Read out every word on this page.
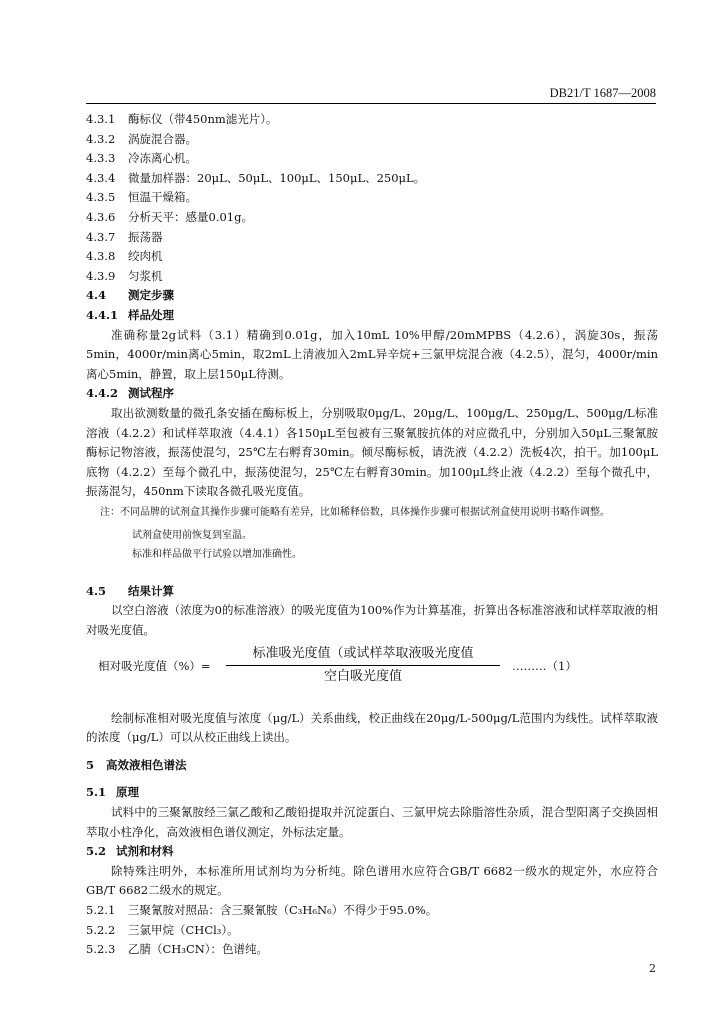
DB21/T 1687—2008
4.3.1 酶标仪（带450nm滤光片）。
4.3.2 涡旋混合器。
4.3.3 冷冻离心机。
4.3.4 微量加样器：20μL、50μL、100μL、150μL、250μL。
4.3.5 恒温干燥箱。
4.3.6 分析天平：感量0.01g。
4.3.7 振荡器
4.3.8 绞肉机
4.3.9 匀浆机
4.4 测定步骤
4.4.1 样品处理
准确称量2g试料（3.1）精确到0.01g，加入10mL 10%甲醇/20mMPBS（4.2.6），涡旋30s，振荡5min，4000r/min离心5min，取2mL上清液加入2mL异辛烷+三氯甲烷混合液（4.2.5），混匀，4000r/min离心5min，静置，取上层150μL待测。
4.4.2 测试程序
取出欲测数量的微孔条安插在酶标板上，分别吸取0μg/L、20μg/L、100μg/L、250μg/L、500μg/L标准溶液（4.2.2）和试样萃取液（4.4.1）各150μL至包被有三聚氰胺抗体的对应微孔中，分别加入50μL三聚氰胺酶标记物溶液，振荡使混匀，25℃左右孵育30min。倾尽酶标板，请洗液（4.2.2）洗板4次，拍干。加100μL底物（4.2.2）至每个微孔中，振荡使混匀，25℃左右孵育30min。加100μL终止液（4.2.2）至每个微孔中，振荡混匀，450nm下读取各微孔吸光度值。
注：不同品牌的试剂盒其操作步骤可能略有差异，比如稀释倍数，具体操作步骤可根据试剂盒使用说明书略作调整。
试剂盒使用前恢复到室温。
标准和样品做平行试验以增加准确性。
4.5 结果计算
以空白溶液（浓度为0的标准溶液）的吸光度值为100%作为计算基准，折算出各标准溶液和试样萃取液的相对吸光度值。
相对吸光度值（%）=
标准吸光度值（或试样萃取液吸光度值
空白吸光度值
………（1）
绘制标准相对吸光度值与浓度（μg/L）关系曲线，校正曲线在20μg/L-500μg/L范围内为线性。试样萃取液的浓度（μg/L）可以从校正曲线上读出。
5 高效液相色谱法
5.1 原理
试料中的三聚氰胺经三氯乙酸和乙酸铅提取并沉淀蛋白、三氯甲烷去除脂溶性杂质，混合型阳离子交换固相萃取小柱净化，高效液相色谱仪测定，外标法定量。
5.2 试剂和材料
除特殊注明外，本标准所用试剂均为分析纯。除色谱用水应符合GB/T 6682一级水的规定外，水应符合GB/T 6682二级水的规定。
5.2.1 三聚氰胺对照品：含三聚氰胺（C₃H₆N₆）不得少于95.0%。
5.2.2 三氯甲烷（CHCl₃）。
5.2.3 乙腈（CH₃CN）：色谱纯。
2
